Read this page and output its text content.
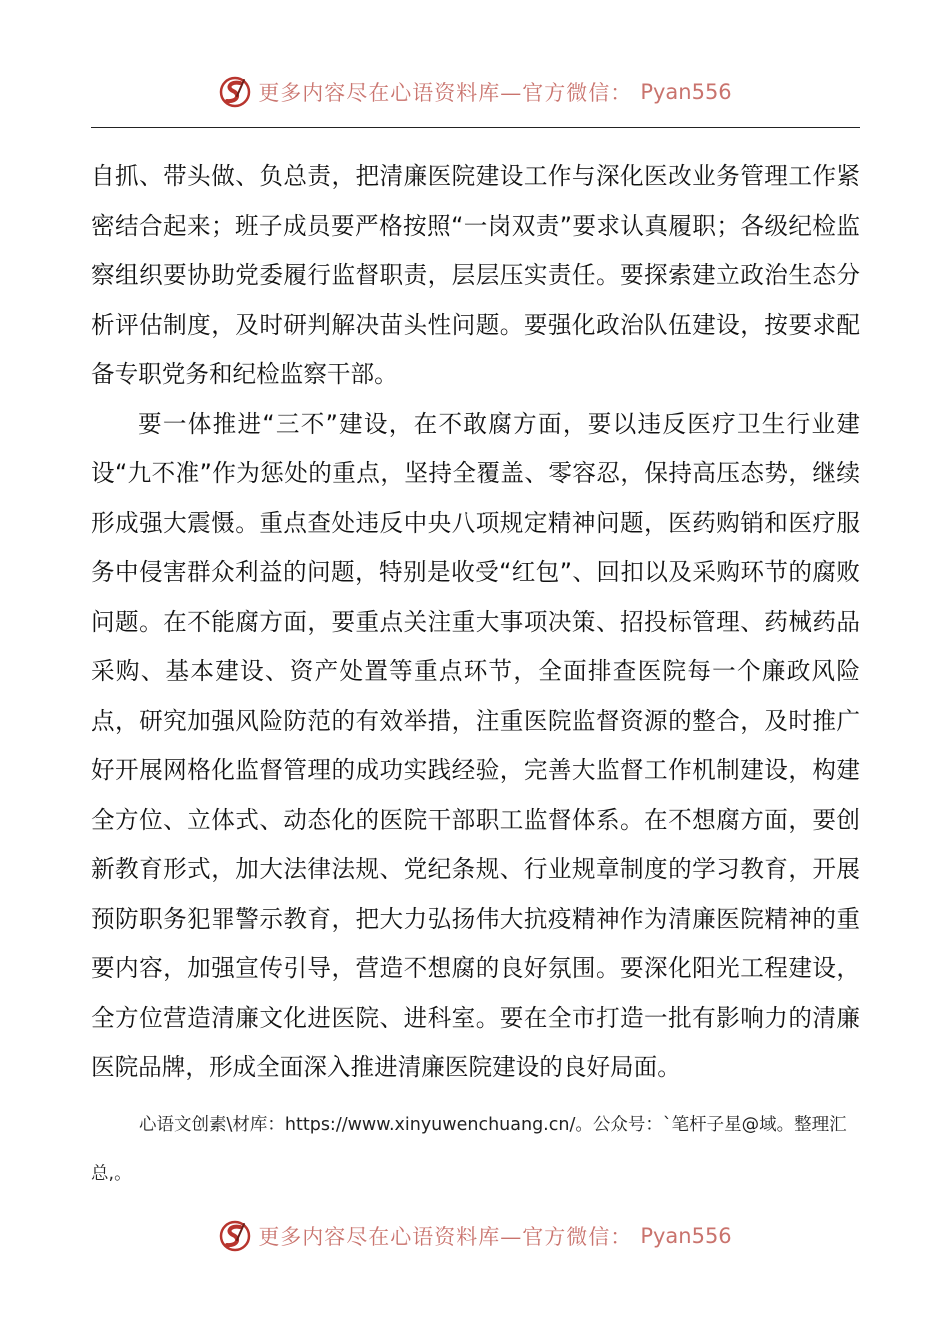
更多内容尽在心语资料库—官方微信： Pyan556

自抓、带头做、负总责，把清廉医院建设工作与深化医改业务管理工作紧密结合起来；班子成员要严格按照“一岗双责”要求认真履职；各级纪检监察组织要协助党委履行监督职责，层层压实责任。要探索建立政治生态分析评估制度，及时研判解决苗头性问题。要强化政治队伍建设，按要求配备专职党务和纪检监察干部。

要一体推进“三不”建设，在不敢腐方面，要以违反医疗卫生行业建设“九不准”作为惩处的重点，坚持全覆盖、零容忍，保持高压态势，继续形成强大震慑。重点查处违反中央八项规定精神问题，医药购销和医疗服务中侵害群众利益的问题，特别是收受“红包”、回扣以及采购环节的腐败问题。在不能腐方面，要重点关注重大事项决策、招投标管理、药械药品采购、基本建设、资产处置等重点环节，全面排查医院每一个廉政风险点，研究加强风险防范的有效举措，注重医院监督资源的整合，及时推广好开展网格化监督管理的成功实践经验，完善大监督工作机制建设，构建全方位、立体式、动态化的医院干部职工监督体系。在不想腐方面，要创新教育形式，加大法律法规、党纪条规、行业规章制度的学习教育，开展预防职务犯罪警示教育，把大力弘扬伟大抗疫精神作为清廉医院精神的重要内容，加强宣传引导，营造不想腐的良好氛围。要深化阳光工程建设，全方位营造清廉文化进医院、进科室。要在全市打造一批有影响力的清廉医院品牌，形成全面深入推进清廉医院建设的良好局面。

心语文创素\材库：https://www.xinyuwenchuang.cn/。公众号：`笔杆子星@域。整理汇总,。
更多内容尽在心语资料库—官方微信： Pyan556
